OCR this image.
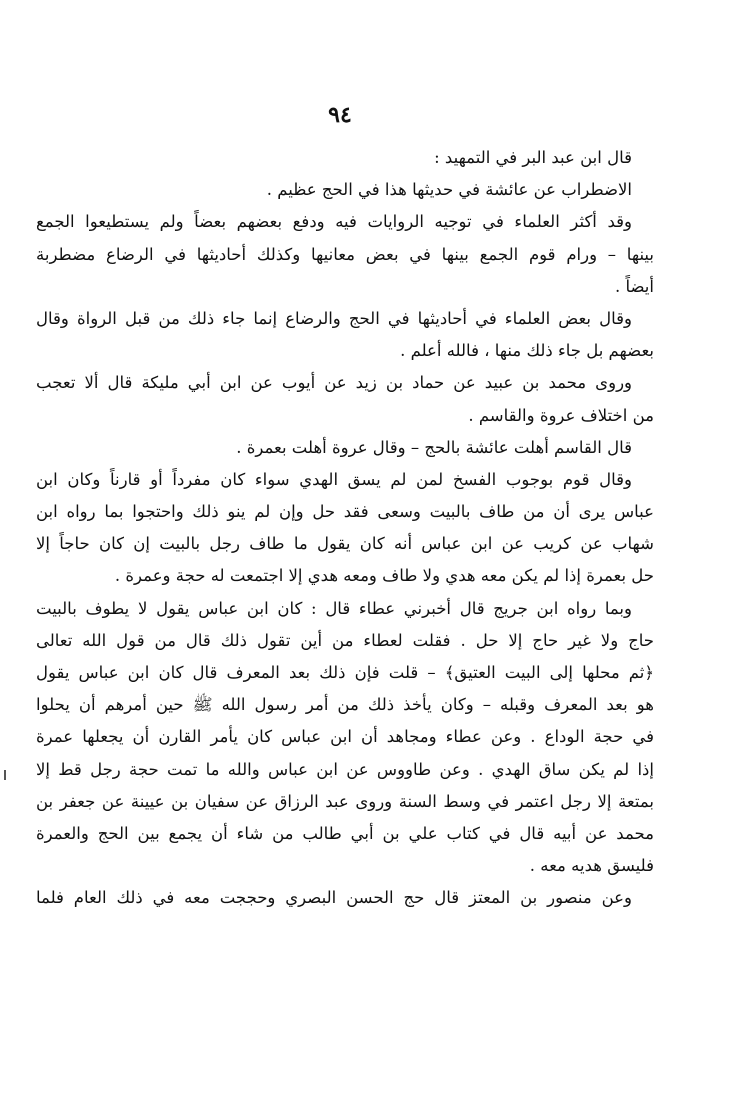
٩٤
قال ابن عبد البر في التمهيد :
الاضطراب عن عائشة في حديثها هذا في الحج عظيم .
وقد أكثر العلماء في توجيه الروايات فيه ودفع بعضهم بعضاً ولم يستطيعوا الجمع
بينها – ورام قوم الجمع بينها في بعض معانيها وكذلك أحاديثها في الرضاع مضطربة
أيضاً .
وقال بعض العلماء في أحاديثها في الحج والرضاع إنما جاء ذلك من قبل الرواة وقال
بعضهم بل جاء ذلك منها ، فالله أعلم .
وروى محمد بن عبيد عن حماد بن زيد عن أيوب عن ابن أبي مليكة قال ألا تعجب
من اختلاف عروة والقاسم .
قال القاسم أهلت عائشة بالحج – وقال عروة أهلت بعمرة .
وقال قوم بوجوب الفسخ لمن لم يسق الهدي سواء كان مفرداً أو قارناً وكان ابن
عباس يرى أن من طاف بالبيت وسعى فقد حل وإن لم ينو ذلك واحتجوا بما رواه ابن
شهاب عن كريب عن ابن عباس أنه كان يقول ما طاف رجل بالبيت إن كان حاجاً إلا
حل بعمرة إذا لم يكن معه هدي ولا طاف ومعه هدي إلا اجتمعت له حجة وعمرة .
وبما رواه ابن جريج قال أخبرني عطاء قال : كان ابن عباس يقول لا يطوف بالبيت
حاج ولا غير حاج إلا حل . فقلت لعطاء من أين تقول ذلك قال من قول الله تعالى
﴿ثم محلها إلى البيت العتيق﴾ – قلت فإن ذلك بعد المعرف قال كان ابن عباس يقول
هو بعد المعرف وقبله – وكان يأخذ ذلك من أمر رسول الله ﷺ حين أمرهم أن يحلوا
في حجة الوداع . وعن عطاء ومجاهد أن ابن عباس كان يأمر القارن أن يجعلها عمرة
إذا لم يكن ساق الهدي . وعن طاووس عن ابن عباس والله ما تمت حجة رجل قط إلا
بمتعة إلا رجل اعتمر في وسط السنة وروى عبد الرزاق عن سفيان بن عيينة عن جعفر بن
محمد عن أبيه قال في كتاب علي بن أبي طالب من شاء أن يجمع بين الحج والعمرة
فليسق هديه معه .
وعن منصور بن المعتز قال حج الحسن البصري وحججت معه في ذلك العام فلما
